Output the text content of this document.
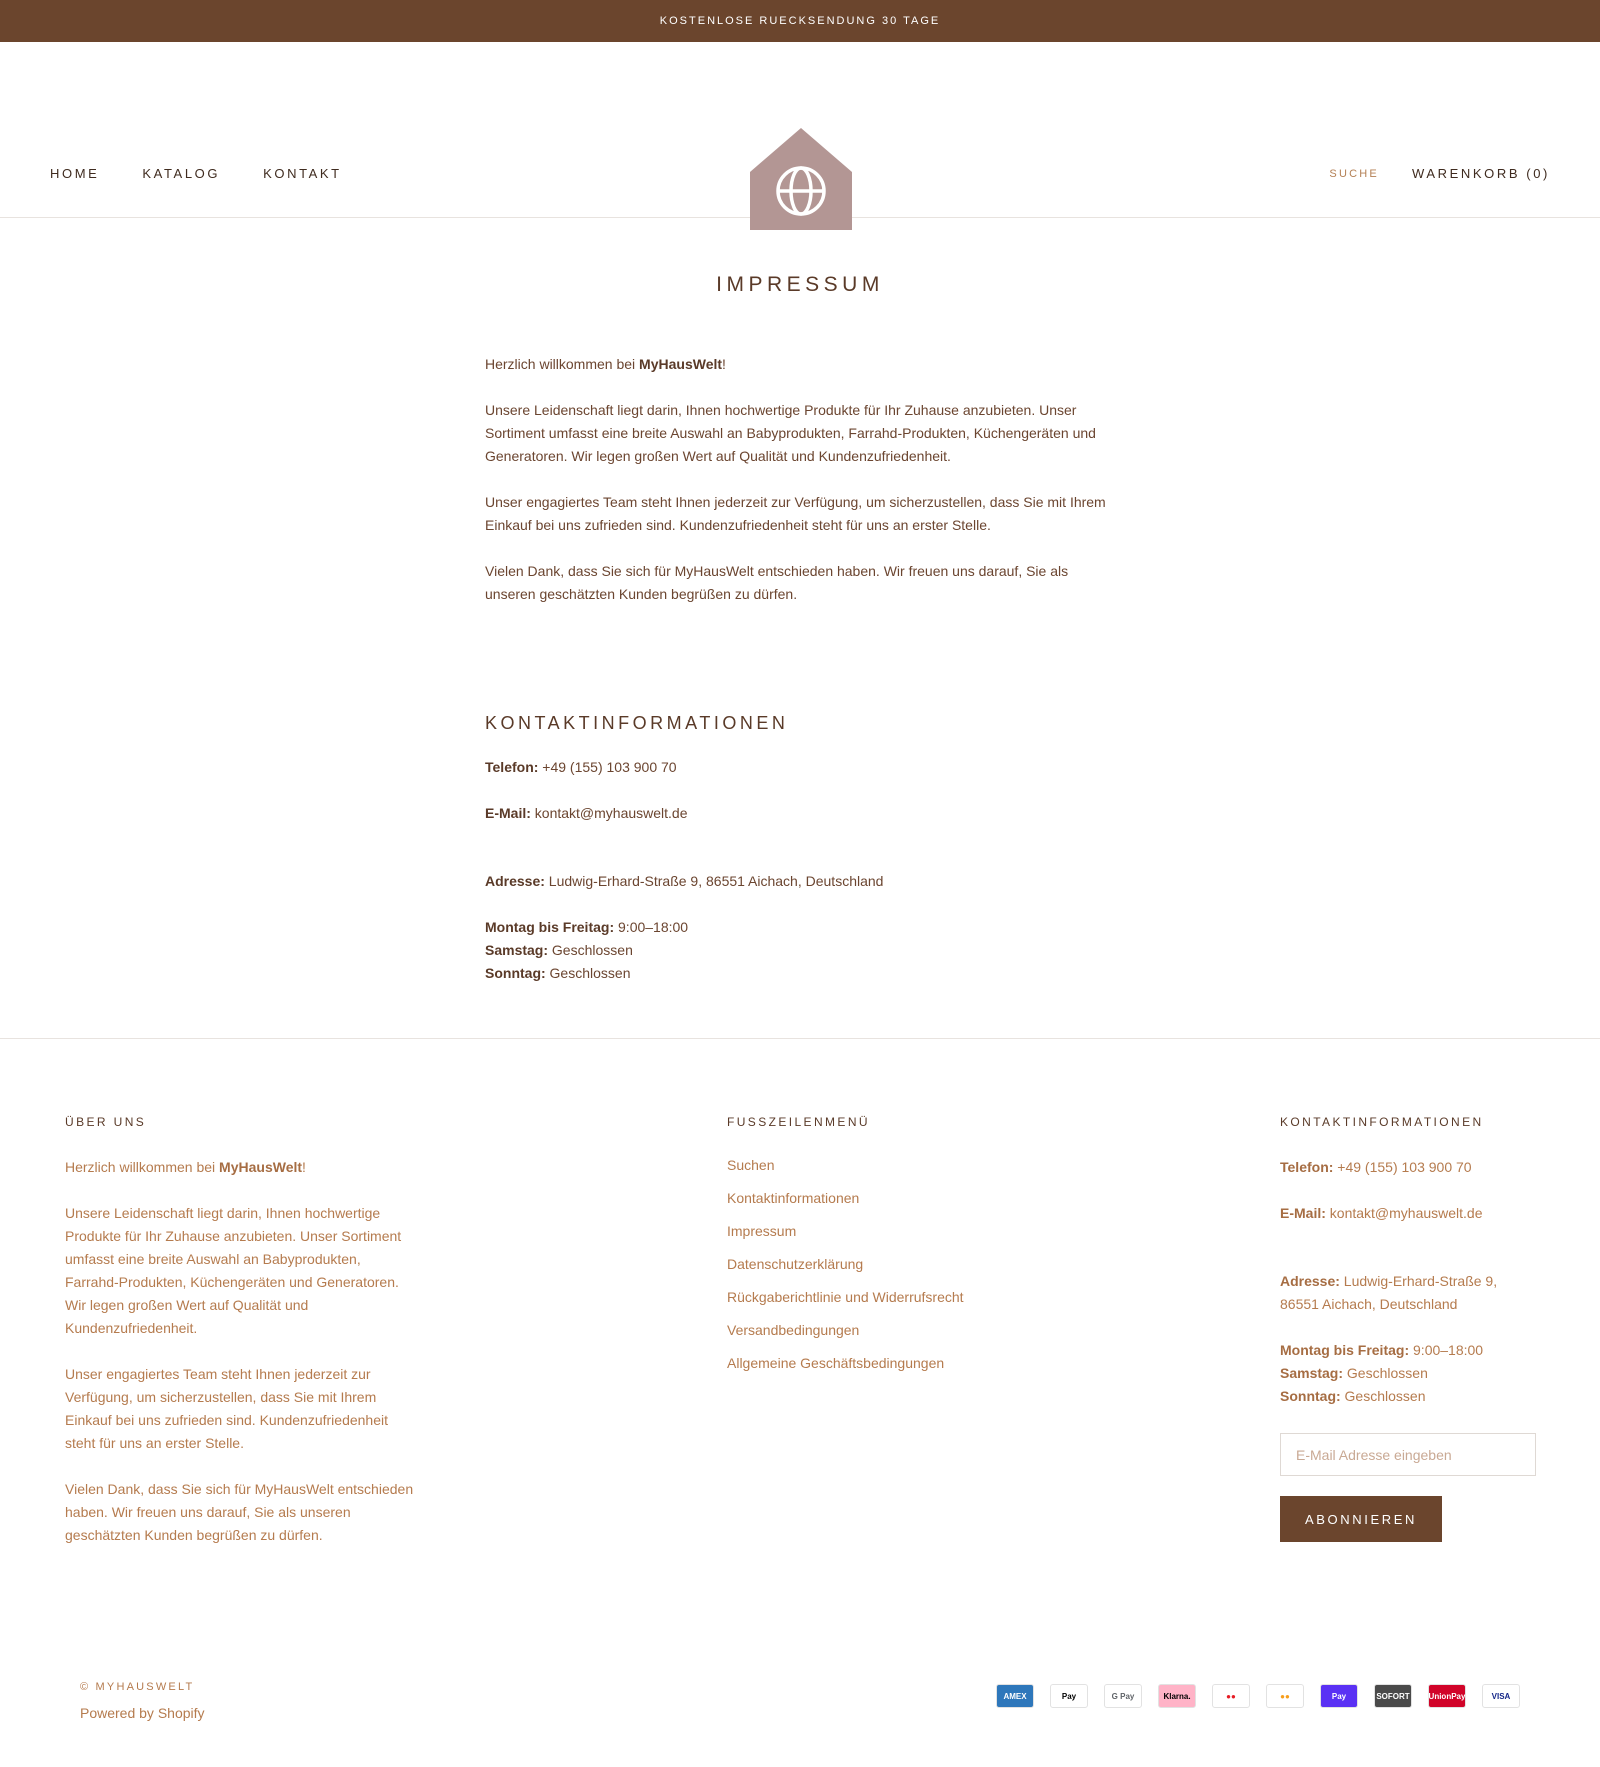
KOSTENLOSE RUECKSENDUNG 30 TAGE
HOME	KATALOG	KONTAKT	SUCHE	WARENKORB (0)
IMPRESSUM

Herzlich willkommen bei MyHausWelt!

Unsere Leidenschaft liegt darin, Ihnen hochwertige Produkte für Ihr Zuhause anzubieten. Unser Sortiment umfasst eine breite Auswahl an Babyprodukten, Farrahd-Produkten, Küchengeräten und Generatoren. Wir legen großen Wert auf Qualität und Kundenzufriedenheit.

Unser engagiertes Team steht Ihnen jederzeit zur Verfügung, um sicherzustellen, dass Sie mit Ihrem Einkauf bei uns zufrieden sind. Kundenzufriedenheit steht für uns an erster Stelle.

Vielen Dank, dass Sie sich für MyHausWelt entschieden haben. Wir freuen uns darauf, Sie als unseren geschätzten Kunden begrüßen zu dürfen.

KONTAKTINFORMATIONEN

Telefon: +49 (155) 103 900 70

E-Mail: kontakt@myhauswelt.de

Adresse: Ludwig-Erhard-Straße 9, 86551 Aichach, Deutschland

Montag bis Freitag: 9:00–18:00

Samstag: Geschlossen

Sonntag: Geschlossen

ÜBER UNS

Herzlich willkommen bei MyHausWelt!

Unsere Leidenschaft liegt darin, Ihnen hochwertige Produkte für Ihr Zuhause anzubieten. Unser Sortiment umfasst eine breite Auswahl an Babyprodukten, Farrahd-Produkten, Küchengeräten und Generatoren. Wir legen großen Wert auf Qualität und Kundenzufriedenheit.

Unser engagiertes Team steht Ihnen jederzeit zur Verfügung, um sicherzustellen, dass Sie mit Ihrem Einkauf bei uns zufrieden sind. Kundenzufriedenheit steht für uns an erster Stelle.

Vielen Dank, dass Sie sich für MyHausWelt entschieden haben. Wir freuen uns darauf, Sie als unseren geschätzten Kunden begrüßen zu dürfen.

FUSSZEILENMENÜ
Suchen
Kontaktinformationen
Impressum
Datenschutzerklärung
Rückgaberichtlinie und Widerrufsrecht
Versandbedingungen
Allgemeine Geschäftsbedingungen
KONTAKTINFORMATIONEN

Telefon: +49 (155) 103 900 70

E-Mail: kontakt@myhauswelt.de

Adresse: Ludwig-Erhard-Straße 9, 86551 Aichach, Deutschland

Montag bis Freitag: 9:00–18:00

Samstag: Geschlossen

Sonntag: Geschlossen

E-Mail Adresse eingeben
ABONNIEREN
© MYHAUSWELT
Powered by Shopify
AMEX	Pay	G Pay	Klarna.	●●	●●	Pay	SOFORT UnionPay	VISA
